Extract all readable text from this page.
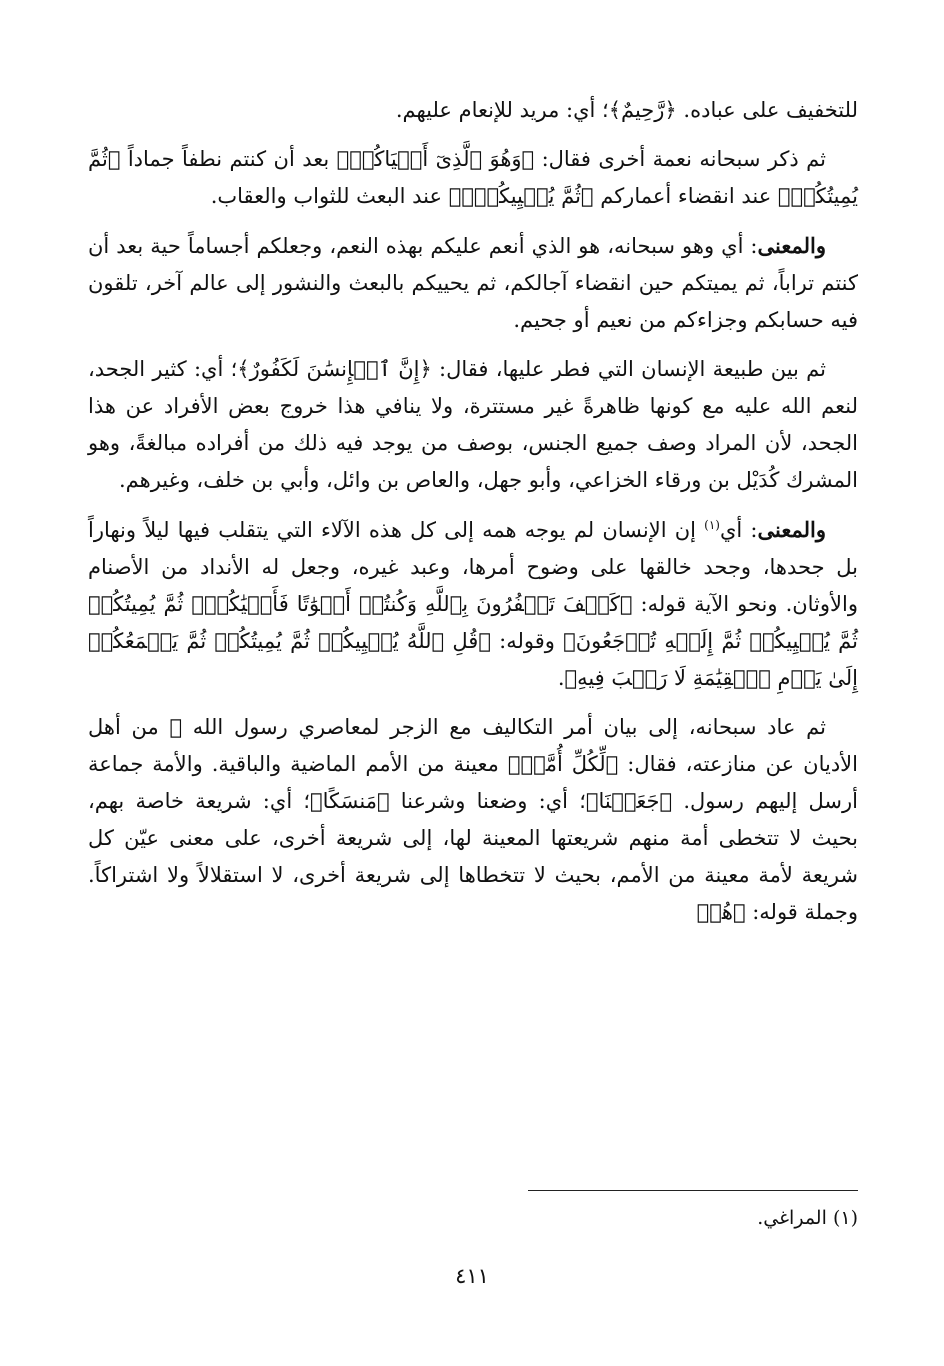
للتخفيف على عباده. ﴿رَّحِيمٌ﴾؛ أي: مريد للإنعام عليهم.

ثم ذكر سبحانه نعمة أخرى فقال: ﴿وَهُوَ ٱلَّذِىٓ أَحۡيَاكُمۡ﴾ بعد أن كنتم نطفاً جماداً ﴿ثُمَّ يُمِيتُكُمۡ﴾ عند انقضاء أعماركم ﴿ثُمَّ يُحۡيِيكُمۡۗ﴾ عند البعث للثواب والعقاب.

والمعنى: أي وهو سبحانه، هو الذي أنعم عليكم بهذه النعم، وجعلكم أجساماً حية بعد أن كنتم تراباً، ثم يميتكم حين انقضاء آجالكم، ثم يحييكم بالبعث والنشور إلى عالم آخر، تلقون فيه حسابكم وجزاءكم من نعيم أو جحيم.

ثم بين طبيعة الإنسان التي فطر عليها، فقال: ﴿إِنَّ ٱلۡإِنسَٰنَ لَكَفُورٌ﴾؛ أي: كثير الجحد، لنعم الله عليه مع كونها ظاهرةً غير مستترة، ولا ينافي هذا خروج بعض الأفراد عن هذا الجحد، لأن المراد وصف جميع الجنس، بوصف من يوجد فيه ذلك من أفراده مبالغةً، وهو المشرك كُدَيْل بن ورقاء الخزاعي، وأبو جهل، والعاص بن وائل، وأبي بن خلف، وغيرهم.

والمعنى: أي$^{(١)}$ إن الإنسان لم يوجه همه إلى كل هذه الآلاء التي يتقلب فيها ليلاً ونهاراً بل جحدها، وجحد خالقها على وضوح أمرها، وعبد غيره، وجعل له الأنداد من الأصنام والأوثان. ونحو الآية قوله: ﴿كَيۡفَ تَكۡفُرُونَ بِٱللَّهِ وَكُنتُمۡ أَمۡوَٰتًا فَأَحۡيَٰكُمۡۖ ثُمَّ يُمِيتُكُمۡ ثُمَّ يُحۡيِيكُمۡ ثُمَّ إِلَيۡهِ تُرۡجَعُونَ﴾ وقوله: ﴿قُلِ ٱللَّهُ يُحۡيِيكُمۡ ثُمَّ يُمِيتُكُمۡ ثُمَّ يَجۡمَعُكُمۡ إِلَىٰ يَوۡمِ ٱلۡقِيَٰمَةِ لَا رَيۡبَ فِيهِ﴾.

ثم عاد سبحانه، إلى بيان أمر التكاليف مع الزجر لمعاصري رسول الله ﷺ من أهل الأديان عن منازعته، فقال: ﴿لِّكُلِّ أُمَّةٖ﴾ معينة من الأمم الماضية والباقية. والأمة جماعة أرسل إليهم رسول. ﴿جَعَلۡنَا﴾؛ أي: وضعنا وشرعنا ﴿مَنسَكًا﴾؛ أي: شريعة خاصة بهم، بحيث لا تتخطى أمة منهم شريعتها المعينة لها، إلى شريعة أخرى، على معنى عيّن كل شريعة لأمة معينة من الأمم، بحيث لا تتخطاها إلى شريعة أخرى، لا استقلالاً ولا اشتراكاً. وجملة قوله: ﴿هُمۡ

(١) المراغي.
٤١١
